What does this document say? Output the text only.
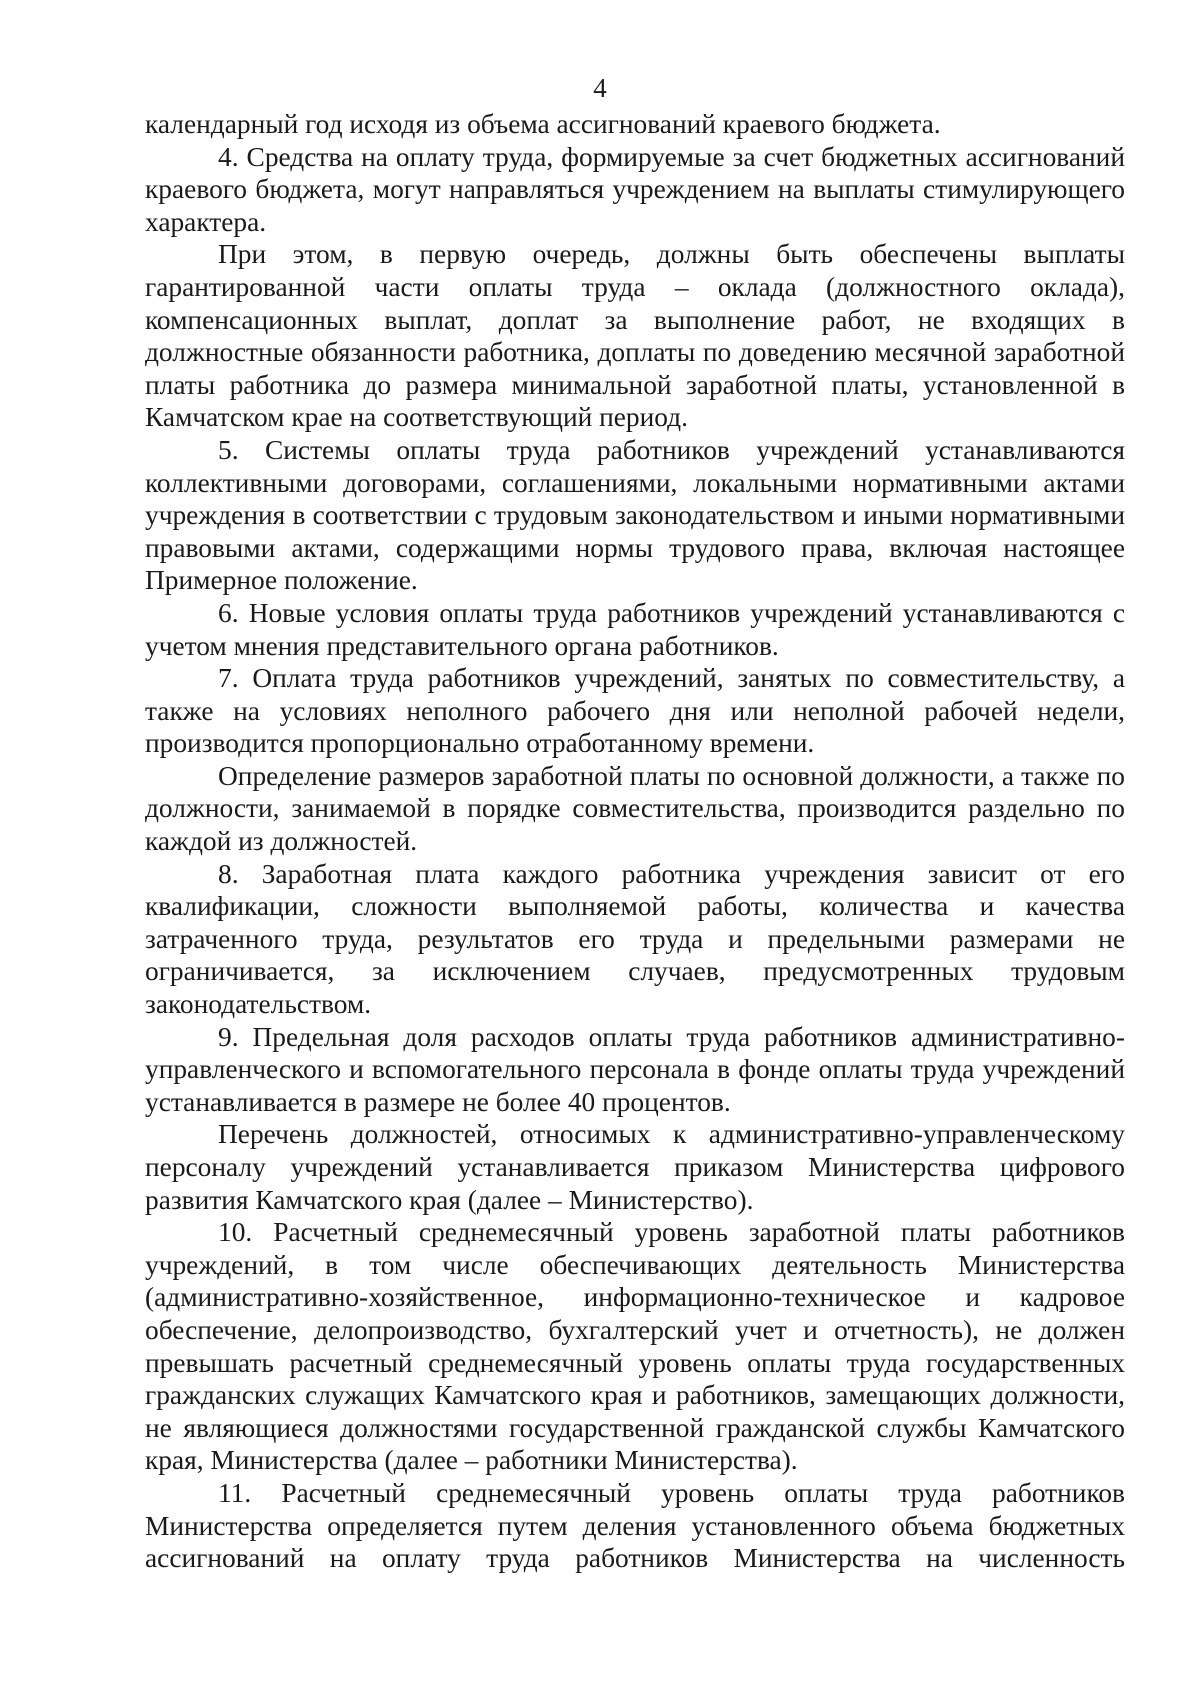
4

календарный год исходя из объема ассигнований краевого бюджета.

4. Средства на оплату труда, формируемые за счет бюджетных ассигнований краевого бюджета, могут направляться учреждением на выплаты стимулирующего характера.

При этом, в первую очередь, должны быть обеспечены выплаты гарантированной части оплаты труда – оклада (должностного оклада), компенсационных выплат, доплат за выполнение работ, не входящих в должностные обязанности работника, доплаты по доведению месячной заработной платы работника до размера минимальной заработной платы, установленной в Камчатском крае на соответствующий период.

5. Системы оплаты труда работников учреждений устанавливаются коллективными договорами, соглашениями, локальными нормативными актами учреждения в соответствии с трудовым законодательством и иными нормативными правовыми актами, содержащими нормы трудового права, включая настоящее Примерное положение.

6. Новые условия оплаты труда работников учреждений устанавливаются с учетом мнения представительного органа работников.

7. Оплата труда работников учреждений, занятых по совместительству, а также на условиях неполного рабочего дня или неполной рабочей недели, производится пропорционально отработанному времени.

Определение размеров заработной платы по основной должности, а также по должности, занимаемой в порядке совместительства, производится раздельно по каждой из должностей.

8. Заработная плата каждого работника учреждения зависит от его квалификации, сложности выполняемой работы, количества и качества затраченного труда, результатов его труда и предельными размерами не ограничивается, за исключением случаев, предусмотренных трудовым законодательством.

9. Предельная доля расходов оплаты труда работников административно-управленческого и вспомогательного персонала в фонде оплаты труда учреждений устанавливается в размере не более 40 процентов.

Перечень должностей, относимых к административно-управленческому персоналу учреждений устанавливается приказом Министерства цифрового развития Камчатского края (далее – Министерство).

10. Расчетный среднемесячный уровень заработной платы работников учреждений, в том числе обеспечивающих деятельность Министерства (административно-хозяйственное, информационно-техническое и кадровое обеспечение, делопроизводство, бухгалтерский учет и отчетность), не должен превышать расчетный среднемесячный уровень оплаты труда государственных гражданских служащих Камчатского края и работников, замещающих должности, не являющиеся должностями государственной гражданской службы Камчатского края, Министерства (далее – работники Министерства).

11. Расчетный среднемесячный уровень оплаты труда работников Министерства определяется путем деления установленного объема бюджетных ассигнований на оплату труда работников Министерства на численность
